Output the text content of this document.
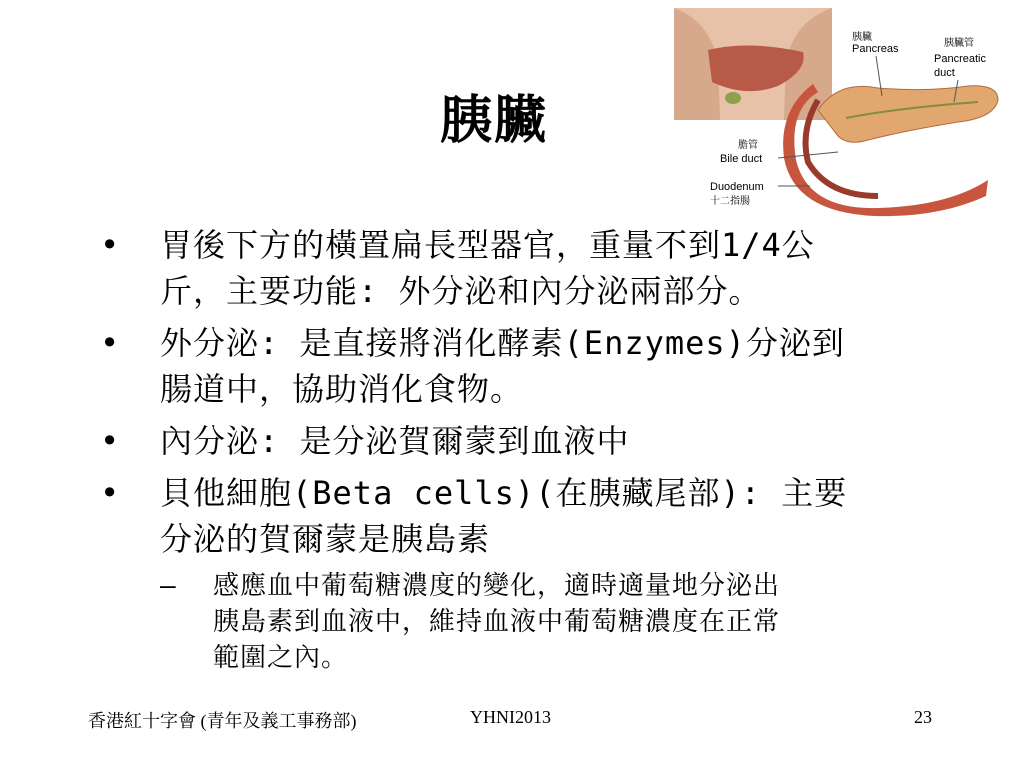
胰臟
胰臟
Pancreas	胰臟管
Pancreatic
duct
膽管
Bile duct
Duodenum
十二指腸
• 胃後下方的橫置扁長型器官，重量不到1/4公
斤，主要功能: 外分泌和內分泌兩部分。
• 外分泌: 是直接將消化酵素(Enzymes)分泌到
腸道中，協助消化食物。
• 內分泌: 是分泌賀爾蒙到血液中
• 貝他細胞(Beta cells)(在胰藏尾部): 主要
分泌的賀爾蒙是胰島素
– 感應血中葡萄糖濃度的變化，適時適量地分泌出
胰島素到血液中，維持血液中葡萄糖濃度在正常
範圍之內。
香港紅十字會 (青年及義工事務部)	YHNI2013	23
